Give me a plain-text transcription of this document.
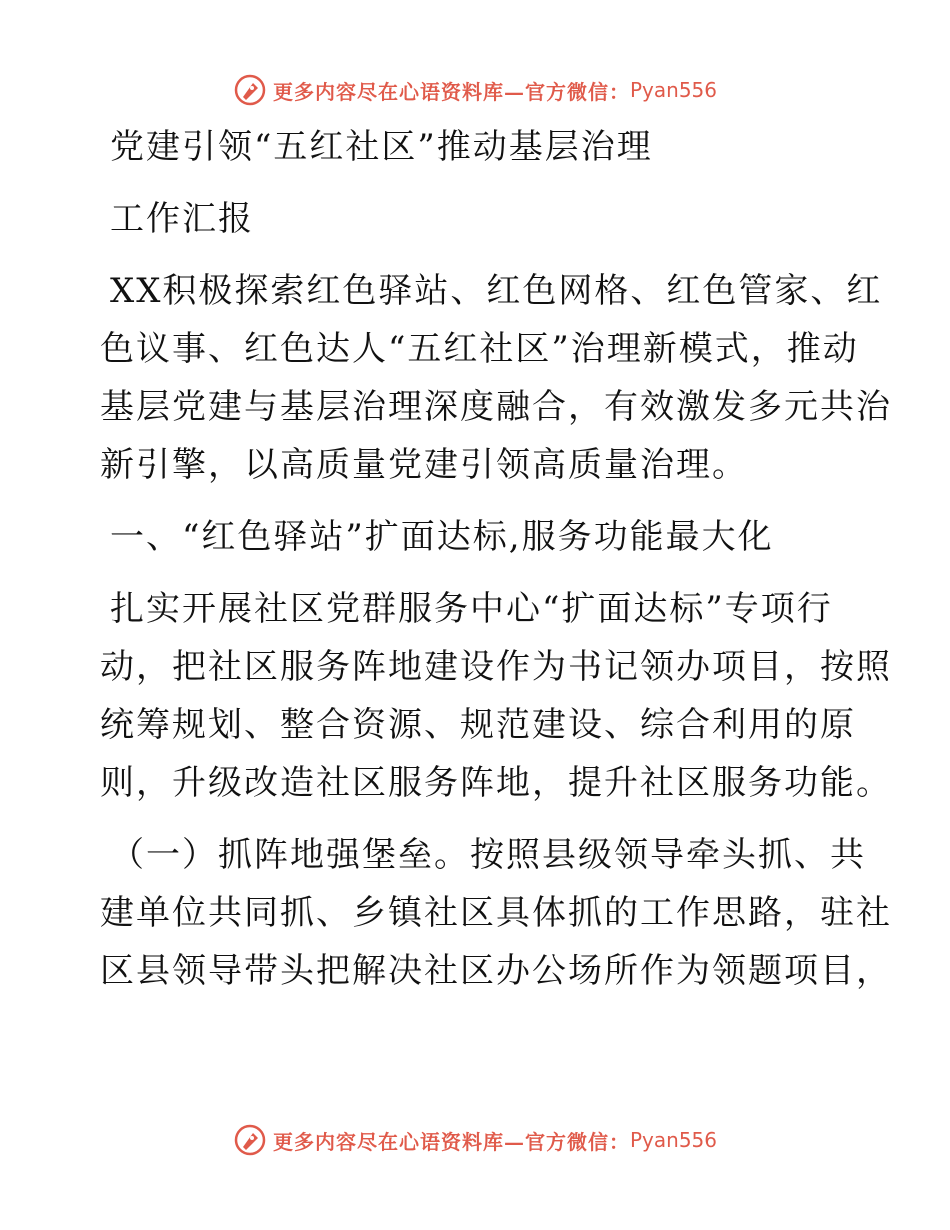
更多内容尽在心语资料库—官方微信： Pyan556
党建引领“五红社区”推动基层治理
工作汇报
XX积极探索红色驿站、红色网格、红色管家、红
色议事、红色达人“五红社区”治理新模式，推动
基层党建与基层治理深度融合，有效激发多元共治
新引擎，以高质量党建引领高质量治理。
一、“红色驿站”扩面达标,服务功能最大化
扎实开展社区党群服务中心“扩面达标”专项行
动，把社区服务阵地建设作为书记领办项目，按照
统筹规划、整合资源、规范建设、综合利用的原
则，升级改造社区服务阵地，提升社区服务功能。
（一）抓阵地强堡垒。按照县级领导牵头抓、共
建单位共同抓、乡镇社区具体抓的工作思路，驻社
区县领导带头把解决社区办公场所作为领题项目，
更多内容尽在心语资料库—官方微信： Pyan556
